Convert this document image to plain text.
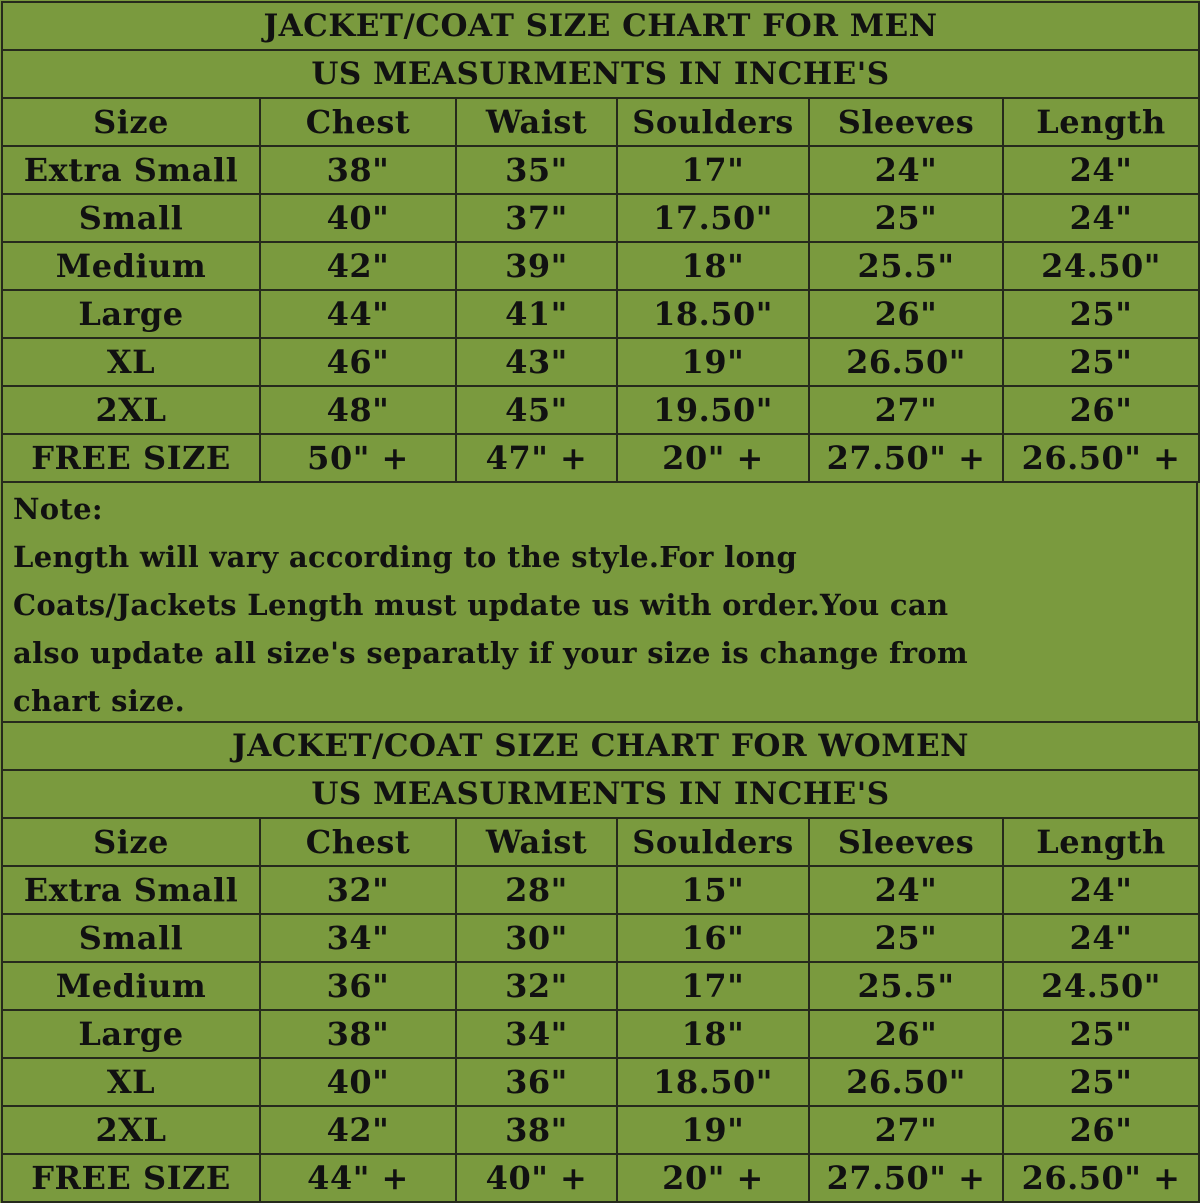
JACKET/COAT SIZE CHART FOR MEN					
US MEASURMENTS IN INCHE'S					
Size	Chest	Waist	Soulders	Sleeves	Length
Extra Small	38"	35"	17"	24"	24"
Small	40"	37"	17.50"	25"	24"
Medium	42"	39"	18"	25.5"	24.50"
Large	44"	41"	18.50"	26"	25"
XL	46"	43"	19"	26.50"	25"
2XL	48"	45"	19.50"	27"	26"
FREE SIZE	50" +	47" +	20" +	27.50" +	26.50" +
Note:
Length will vary according to the style.For long
Coats/Jackets Length must update us with order.You can
also update all size's separatly if your size is change from
chart size.
JACKET/COAT SIZE CHART FOR WOMEN					
US MEASURMENTS IN INCHE'S					
Size	Chest	Waist	Soulders	Sleeves	Length
Extra Small	32"	28"	15"	24"	24"
Small	34"	30"	16"	25"	24"
Medium	36"	32"	17"	25.5"	24.50"
Large	38"	34"	18"	26"	25"
XL	40"	36"	18.50"	26.50"	25"
2XL	42"	38"	19"	27"	26"
FREE SIZE	44" +	40" +	20" +	27.50" +	26.50" +
